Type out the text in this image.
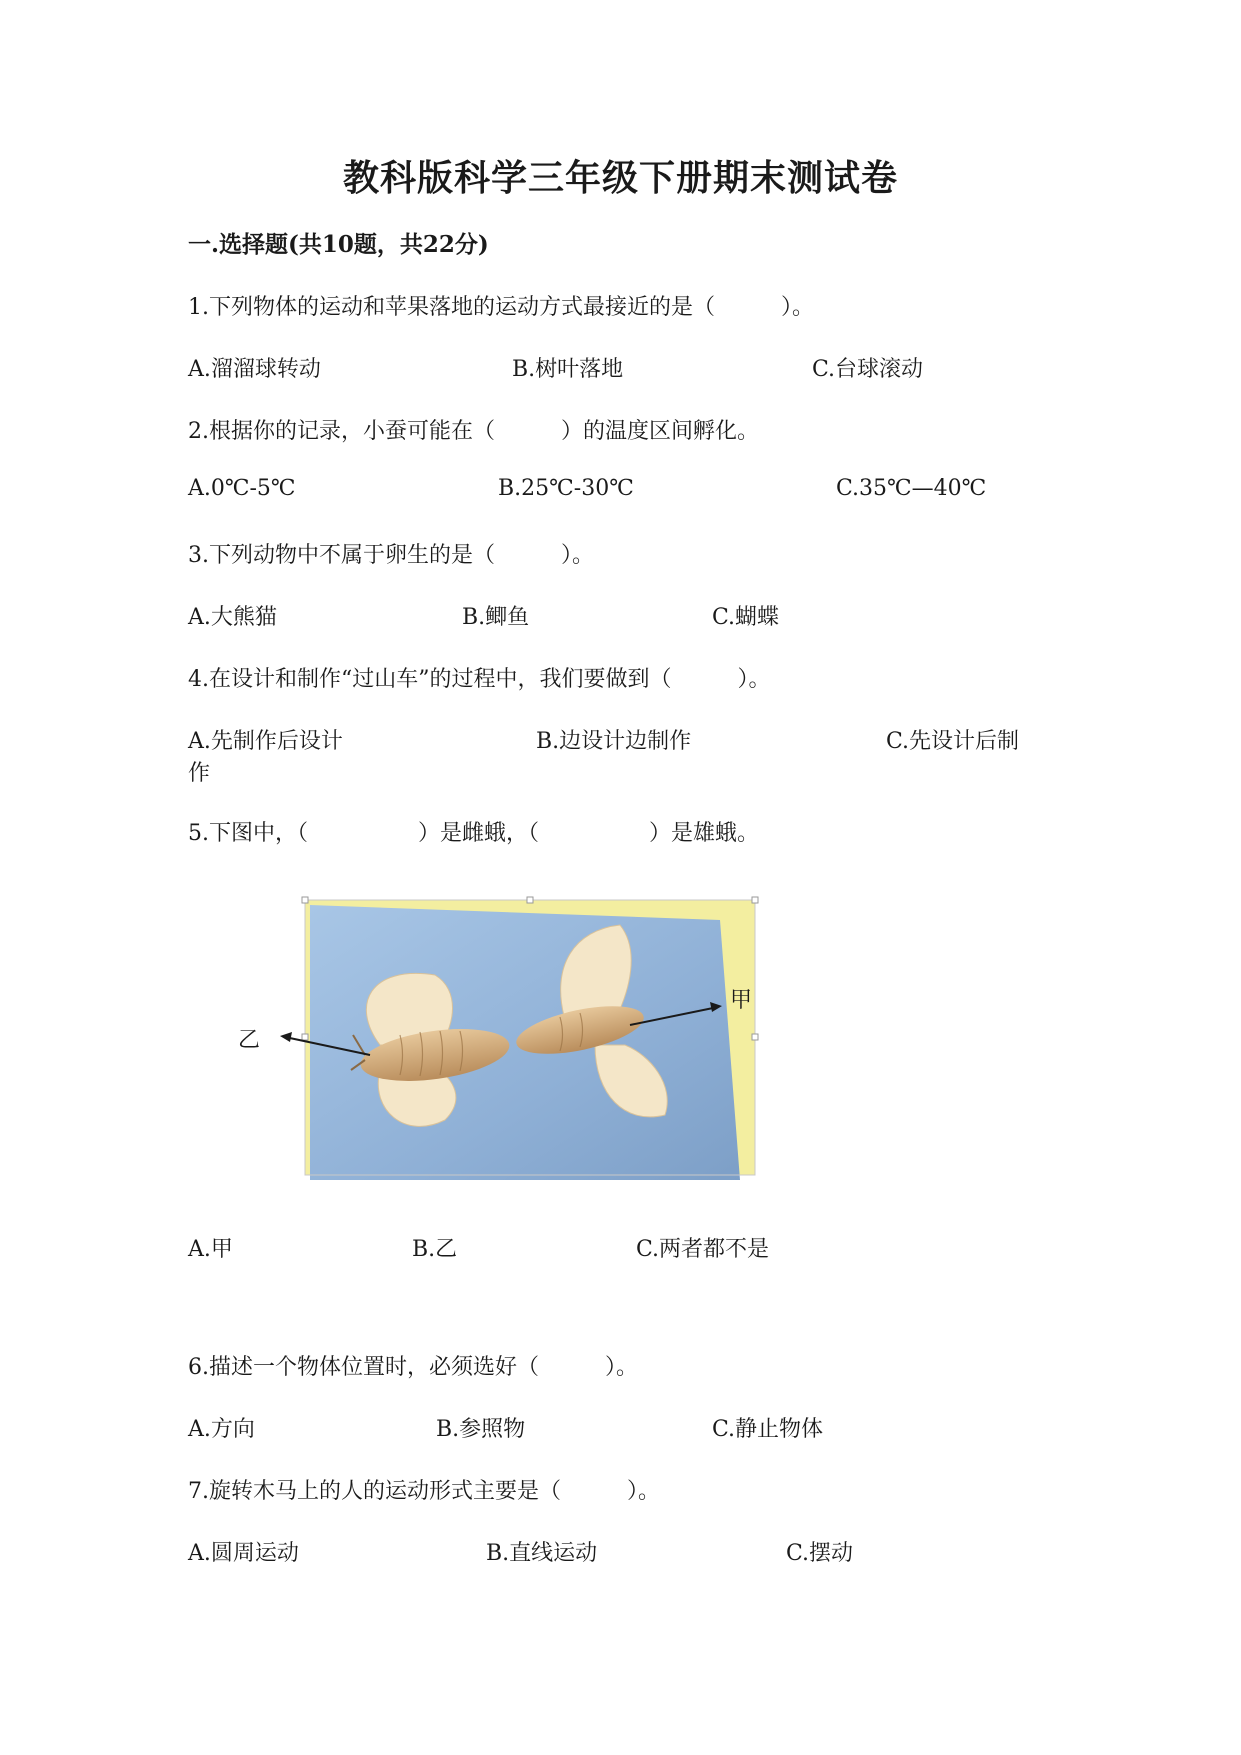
教科版科学三年级下册期末测试卷
一.选择题(共10题，共22分)
1.下列物体的运动和苹果落地的运动方式最接近的是（　　　）。
A.溜溜球转动	B.树叶落地	C.台球滚动
2.根据你的记录，小蚕可能在（　　　）的温度区间孵化。
A.0℃-5℃	B.25℃-30℃	C.35℃—40℃
3.下列动物中不属于卵生的是（　　　）。
A.大熊猫	B.鲫鱼	C.蝴蝶
4.在设计和制作“过山车”的过程中，我们要做到（　　　）。
A.先制作后设计	B.边设计边制作	C.先设计后制
作
5.下图中，（　　　　　）是雌蛾，（　　　　　）是雄蛾。
甲
乙
A.甲	B.乙	C.两者都不是
6.描述一个物体位置时，必须选好（　　　）。
A.方向	B.参照物	C.静止物体
7.旋转木马上的人的运动形式主要是（　　　）。
A.圆周运动	B.直线运动	C.摆动
